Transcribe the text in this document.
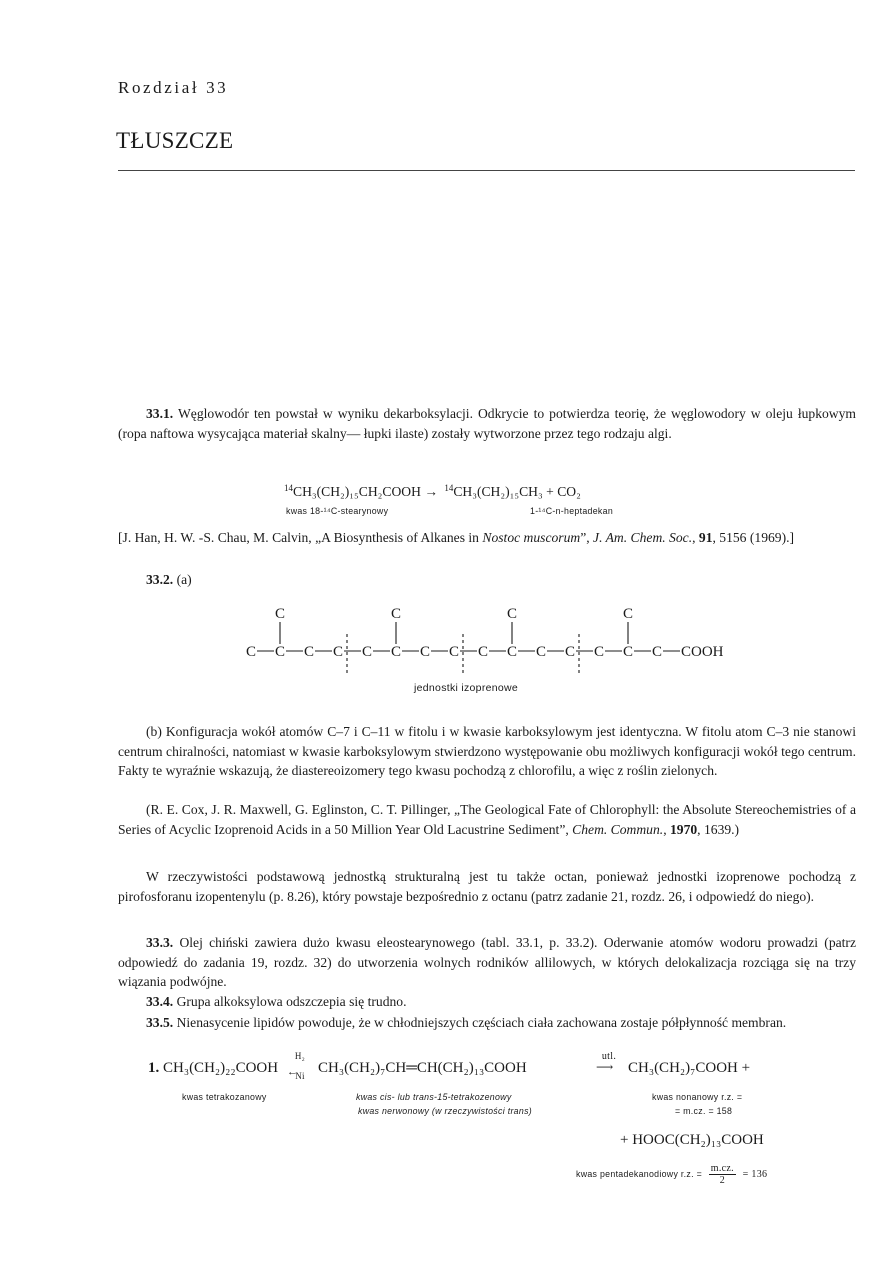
Rozdział 33
TŁUSZCZE
33.1. Węglowodór ten powstał w wyniku dekarboksylacji. Odkrycie to potwierdza teorię, że węglowodory w oleju łupkowym (ropa naftowa wysycająca materiał skalny— łupki ilaste) zostały wytworzone przez tego rodzaju algi.
$^{14}$CH₃(CH₂)₁₅CH₂COOH → $^{14}$CH₃(CH₂)₁₅CH₃ + CO₂
kwas 18-¹⁴C-stearynowy	1-¹⁴C-n-heptadekan
[J. Han, H. W. -S. Chau, M. Calvin, „A Biosynthesis of Alkanes in Nostoc muscorum”, J. Am. Chem. Soc., 91, 5156 (1969).]
33.2. (a)
C C C C C C C C C C C C C C C COOH
C	C	C	C
jednostki izoprenowe
(b) Konfiguracja wokół atomów C–7 i C–11 w fitolu i w kwasie karboksylowym jest identyczna. W fitolu atom C–3 nie stanowi centrum chiralności, natomiast w kwasie karboksylowym stwierdzono występowanie obu możliwych konfiguracji wokół tego centrum. Fakty te wyraźnie wskazują, że diastereoizomery tego kwasu pochodzą z chlorofilu, a więc z roślin zielonych.
(R. E. Cox, J. R. Maxwell, G. Eglinston, C. T. Pillinger, „The Geological Fate of Chlorophyll: the Absolute Stereochemistries of a Series of Acyclic Izoprenoid Acids in a 50 Million Year Old Lacustrine Sediment”, Chem. Commun., 1970, 1639.)
W rzeczywistości podstawową jednostką strukturalną jest tu także octan, ponieważ jednostki izoprenowe pochodzą z pirofosforanu izopentenylu (p. 8.26), który powstaje bezpośrednio z octanu (patrz zadanie 21, rozdz. 26, i odpowiedź do niego).
33.3. Olej chiński zawiera dużo kwasu eleostearynowego (tabl. 33.1, p. 33.2). Oderwanie atomów wodoru prowadzi (patrz odpowiedź do zadania 19, rozdz. 32) do utworzenia wolnych rodników allilowych, w których delokalizacja rozciąga się na trzy wiązania podwójne.
33.4. Grupa alkoksylowa odszczepia się trudno.
33.5. Nienasycenie lipidów powoduje, że w chłodniejszych częściach ciała zachowana zostaje półpłynność membran.
1. CH₃(CH₂)₂₂COOH
H₂
←
Ni CH₃(CH₂)₇CH═CH(CH₂)₁₃COOH
utl.
⟶ CH₃(CH₂)₇COOH +
kwas tetrakozanowy	kwas cis- lub trans-15-tetrakozenowy
kwas nerwonowy (w rzeczywistości trans)
kwas nonanowy r.z. =
= m.cz. = 158
+ HOOC(CH₂)₁₃COOH
kwas pentadekanodiowy r.z. = $\frac{m.cz.}{2} = 136$
